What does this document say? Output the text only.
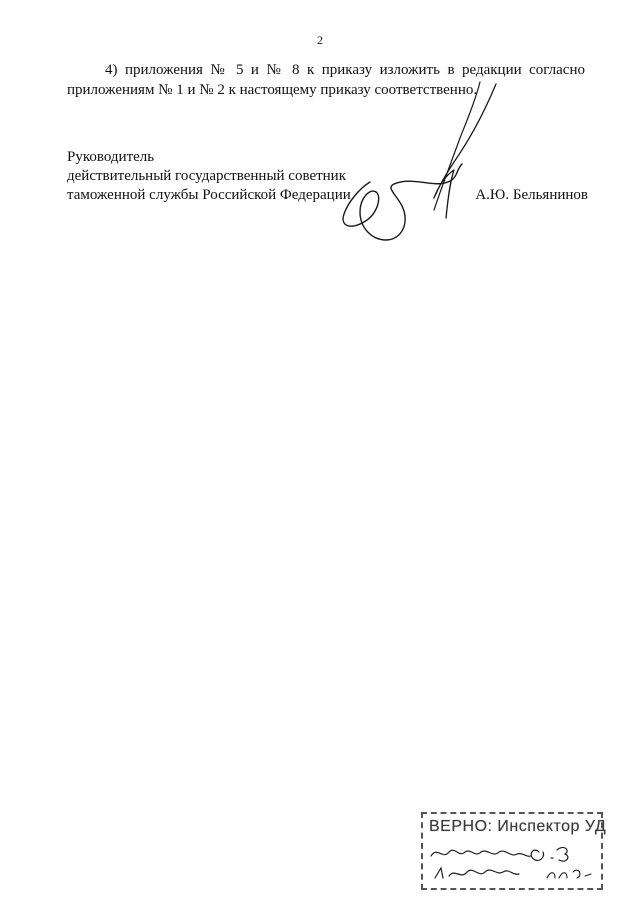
2
4) приложения № 5 и № 8 к приказу изложить в редакции согласно
приложениям № 1 и № 2 к настоящему приказу соответственно.
Руководитель
действительный государственный советник
таможенной службы Российской Федерации	А.Ю. Бельянинов
ВЕРНО: Инспектор УД
